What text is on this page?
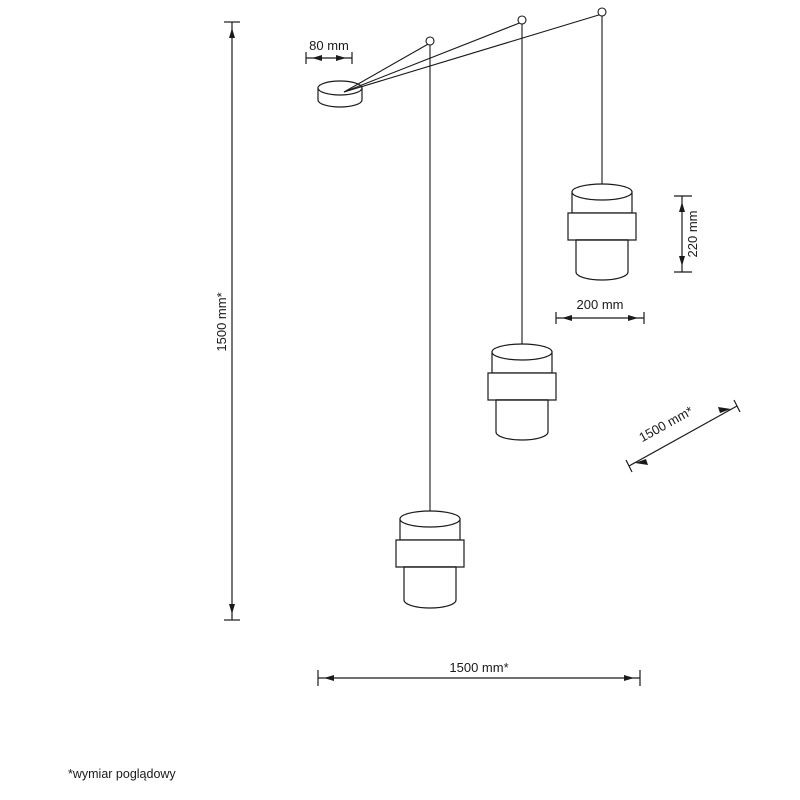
1500 mm*
80 mm
220 mm
200 mm
1500 mm*
1500 mm*
*wymiar poglądowy
